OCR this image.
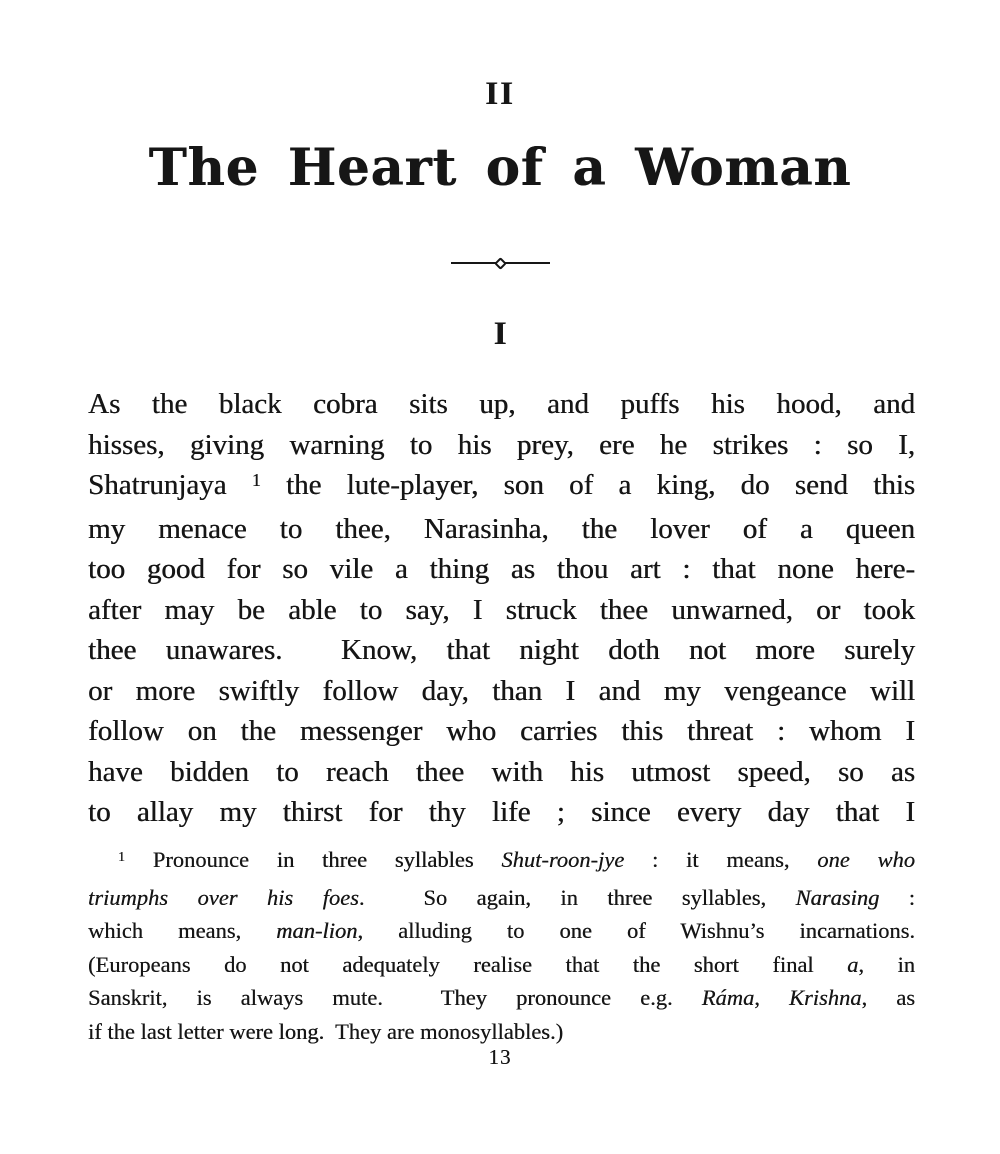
II
The Heart of a Woman
I
As the black cobra sits up, and puffs his hood, and
hisses, giving warning to his prey, ere he strikes : so I,
Shatrunjaya $^1$ the lute-player, son of a king, do send this
my menace to thee, Narasinha, the lover of a queen
too good for so vile a thing as thou art : that none here-
after may be able to say, I struck thee unwarned, or took
thee unawares.  Know, that night doth not more surely
or more swiftly follow day, than I and my vengeance will
follow on the messenger who carries this threat : whom I
have bidden to reach thee with his utmost speed, so as
to allay my thirst for thy life ; since every day that I
$^1$ Pronounce in three syllables Shut-roon-jye : it means, one who
triumphs over his foes.  So again, in three syllables, Narasing :
which means, man-lion, alluding to one of Wishnu’s incarnations.
(Europeans do not adequately realise that the short final a, in
Sanskrit, is always mute.  They pronounce e.g. Ráma, Krishna, as
if the last letter were long.  They are monosyllables.)
13
